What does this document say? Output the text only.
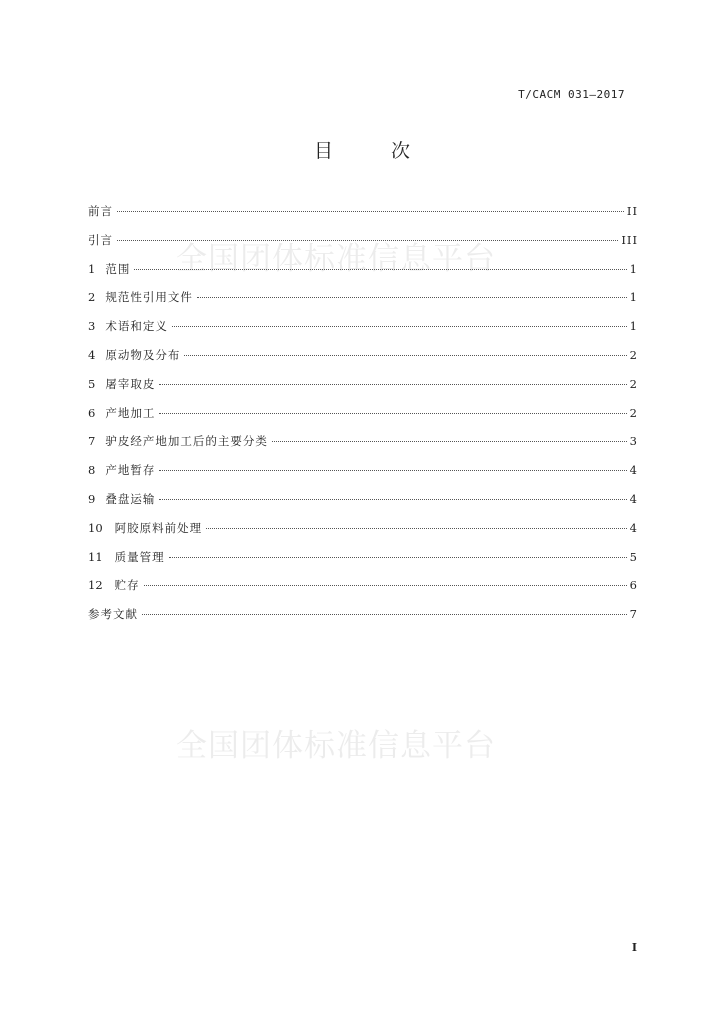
T/CACM 031—2017
目 次
全国团体标准信息平台
全国团体标准信息平台
前言	II
引言	III
1 范围	1
2 规范性引用文件	1
3 术语和定义	1
4 原动物及分布	2
5 屠宰取皮	2
6 产地加工	2
7 驴皮经产地加工后的主要分类	3
8 产地暂存	4
9 叠盘运输	4
10 阿胶原料前处理	4
11 质量管理	5
12 贮存	6
参考文献	7
I
